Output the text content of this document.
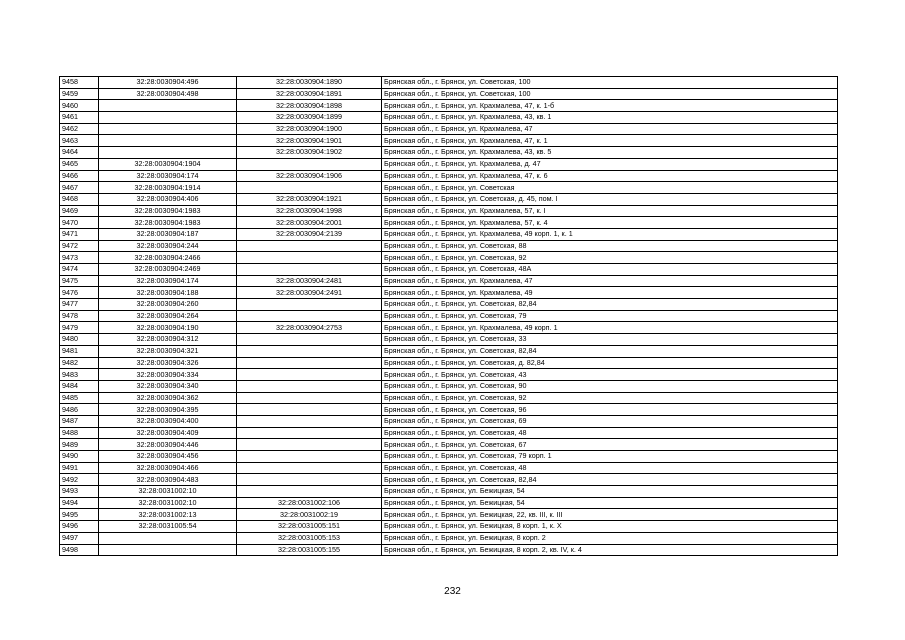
9458	32:28:0030904:496	32:28:0030904:1890	Брянская обл., г. Брянск, ул. Советская, 100
9459	32:28:0030904:498	32:28:0030904:1891	Брянская обл., г. Брянск, ул. Советская, 100
9460		32:28:0030904:1898	Брянская обл., г. Брянск, ул. Крахмалева, 47, к. 1-б
9461		32:28:0030904:1899	Брянская обл., г. Брянск, ул. Крахмалева, 43, кв. 1
9462		32:28:0030904:1900	Брянская обл., г. Брянск, ул. Крахмалева, 47
9463		32:28:0030904:1901	Брянская обл., г. Брянск, ул. Крахмалева, 47, к. 1
9464		32:28:0030904:1902	Брянская обл., г. Брянск, ул. Крахмалева, 43, кв. 5
9465	32:28:0030904:1904		Брянская обл., г. Брянск, ул. Крахмалева, д. 47
9466	32:28:0030904:174	32:28:0030904:1906	Брянская обл., г. Брянск, ул. Крахмалева, 47, к. 6
9467	32:28:0030904:1914		Брянская обл., г. Брянск, ул. Советская
9468	32:28:0030904:406	32:28:0030904:1921	Брянская обл., г. Брянск, ул. Советская, д. 45, пом. I
9469	32:28:0030904:1983	32:28:0030904:1998	Брянская обл., г. Брянск, ул. Крахмалева, 57, к. I
9470	32:28:0030904:1983	32:28:0030904:2001	Брянская обл., г. Брянск, ул. Крахмалева, 57, к. 4
9471	32:28:0030904:187	32:28:0030904:2139	Брянская обл., г. Брянск, ул. Крахмалева, 49 корп. 1, к. 1
9472	32:28:0030904:244		Брянская обл., г. Брянск, ул. Советская, 88
9473	32:28:0030904:2466		Брянская обл., г. Брянск, ул. Советская, 92
9474	32:28:0030904:2469		Брянская обл., г. Брянск, ул. Советская, 48А
9475	32:28:0030904:174	32:28:0030904:2481	Брянская обл., г. Брянск, ул. Крахмалева, 47
9476	32:28:0030904:188	32:28:0030904:2491	Брянская обл., г. Брянск, ул. Крахмалева, 49
9477	32:28:0030904:260		Брянская обл., г. Брянск, ул. Советская, 82,84
9478	32:28:0030904:264		Брянская обл., г. Брянск, ул. Советская, 79
9479	32:28:0030904:190	32:28:0030904:2753	Брянская обл., г. Брянск, ул. Крахмалева, 49 корп. 1
9480	32:28:0030904:312		Брянская обл., г. Брянск, ул. Советская, 33
9481	32:28:0030904:321		Брянская обл., г. Брянск, ул. Советская, 82,84
9482	32:28:0030904:326		Брянская обл., г. Брянск, ул. Советская, д. 82,84
9483	32:28:0030904:334		Брянская обл., г. Брянск, ул. Советская, 43
9484	32:28:0030904:340		Брянская обл., г. Брянск, ул. Советская, 90
9485	32:28:0030904:362		Брянская обл., г. Брянск, ул. Советская, 92
9486	32:28:0030904:395		Брянская обл., г. Брянск, ул. Советская, 96
9487	32:28:0030904:400		Брянская обл., г. Брянск, ул. Советская, 69
9488	32:28:0030904:409		Брянская обл., г. Брянск, ул. Советская, 48
9489	32:28:0030904:446		Брянская обл., г. Брянск, ул. Советская, 67
9490	32:28:0030904:456		Брянская обл., г. Брянск, ул. Советская, 79 корп. 1
9491	32:28:0030904:466		Брянская обл., г. Брянск, ул. Советская, 48
9492	32:28:0030904:483		Брянская обл., г. Брянск, ул. Советская, 82,84
9493	32:28:0031002:10		Брянская обл., г. Брянск, ул. Бежицкая, 54
9494	32:28:0031002:10	32:28:0031002:106	Брянская обл., г. Брянск, ул. Бежицкая, 54
9495	32:28:0031002:13	32:28:0031002:19	Брянская обл., г. Брянск, ул. Бежицкая, 22, кв. III, к. III
9496	32:28:0031005:54	32:28:0031005:151	Брянская обл., г. Брянск, ул. Бежицкая, 8 корп. 1, к. X
9497		32:28:0031005:153	Брянская обл., г. Брянск, ул. Бежицкая, 8 корп. 2
9498		32:28:0031005:155	Брянская обл., г. Брянск, ул. Бежицкая, 8 корп. 2, кв. IV, к. 4
232
